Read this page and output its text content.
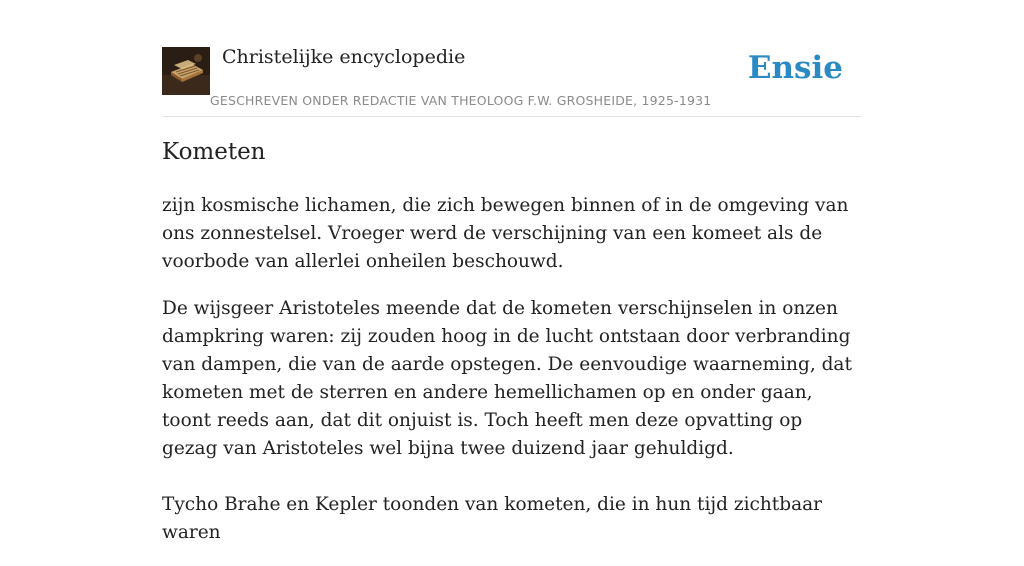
Christelijke encyclopedie
GESCHREVEN ONDER REDACTIE VAN THEOLOOG F.W. GROSHEIDE, 1925-1931
Ensie
Kometen

zijn kosmische lichamen, die zich bewegen binnen of in de omgeving van ons zonnestelsel. Vroeger werd de verschijning van een komeet als de voorbode van allerlei onheilen beschouwd.

De wijsgeer Aristoteles meende dat de kometen verschijnselen in onzen dampkring waren: zij zouden hoog in de lucht ontstaan door verbranding van dampen, die van de aarde opstegen. De eenvoudige waarneming, dat kometen met de sterren en andere hemellichamen op en onder gaan, toont reeds aan, dat dit onjuist is. Toch heeft men deze opvatting op gezag van Aristoteles wel bijna twee duizend jaar gehuldigd.

Tycho Brahe en Kepler toonden van kometen, die in hun tijd zichtbaar waren
